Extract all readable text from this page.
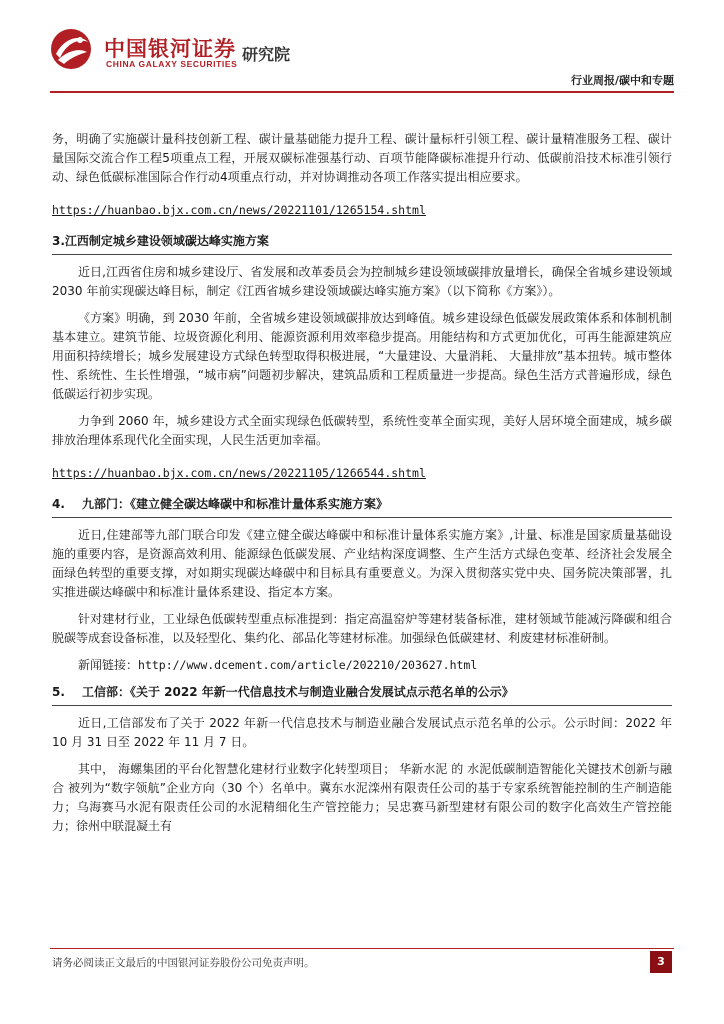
中国银河证券
CHINA GALAXY SECURITIES 研究院
行业周报/碳中和专题

务，明确了实施碳计量科技创新工程、碳计量基础能力提升工程、碳计量标杆引领工程、碳计量精准服务工程、碳计量国际交流合作工程5项重点工程，开展双碳标准强基行动、百项节能降碳标准提升行动、低碳前沿技术标准引领行动、绿色低碳标准国际合作行动4项重点行动，并对协调推动各项工作落实提出相应要求。

https://huanbao.bjx.com.cn/news/20221101/1265154.shtml
3.江西制定城乡建设领域碳达峰实施方案

近日,江西省住房和城乡建设厅、省发展和改革委员会为控制城乡建设领域碳排放量增长，确保全省城乡建设领域 2030 年前实现碳达峰目标，制定《江西省城乡建设领域碳达峰实施方案》（以下简称《方案》）。

《方案》明确，到 2030 年前，全省城乡建设领域碳排放达到峰值。城乡建设绿色低碳发展政策体系和体制机制基本建立。建筑节能、垃圾资源化利用、能源资源利用效率稳步提高。用能结构和方式更加优化，可再生能源建筑应用面积持续增长；城乡发展建设方式绿色转型取得积极进展，“大量建设、大量消耗、 大量排放”基本扭转。城市整体性、系统性、生长性增强，“城市病”问题初步解决，建筑品质和工程质量进一步提高。绿色生活方式普遍形成，绿色低碳运行初步实现。

力争到 2060 年，城乡建设方式全面实现绿色低碳转型，系统性变革全面实现，美好人居环境全面建成，城乡碳排放治理体系现代化全面实现，人民生活更加幸福。

https://huanbao.bjx.com.cn/news/20221105/1266544.shtml
4. 九部门：《建立健全碳达峰碳中和标准计量体系实施方案》

近日,住建部等九部门联合印发《建立健全碳达峰碳中和标准计量体系实施方案》,计量、标准是国家质量基础设施的重要内容，是资源高效利用、能源绿色低碳发展、产业结构深度调整、生产生活方式绿色变革、经济社会发展全面绿色转型的重要支撑，对如期实现碳达峰碳中和目标具有重要意义。为深入贯彻落实党中央、国务院决策部署，扎实推进碳达峰碳中和标准计量体系建设、指定本方案。

针对建材行业，工业绿色低碳转型重点标准提到：指定高温窑炉等建材装备标准，建材领域节能减污降碳和组合脱碳等成套设备标准，以及轻型化、集约化、部品化等建材标准。加强绿色低碳建材、利废建材标准研制。

新闻链接：http://www.dcement.com/article/202210/203627.html

5. 工信部：《关于 2022 年新一代信息技术与制造业融合发展试点示范名单的公示》

近日,工信部发布了关于 2022 年新一代信息技术与制造业融合发展试点示范名单的公示。公示时间：2022 年 10 月 31 日至 2022 年 11 月 7 日。

其中， 海螺集团的平台化智慧化建材行业数字化转型项目； 华新水泥 的 水泥低碳制造智能化关键技术创新与融合 被列为“数字领航”企业方向（30 个）名单中。冀东水泥滦州有限责任公司的基于专家系统智能控制的生产制造能力；乌海赛马水泥有限责任公司的水泥精细化生产管控能力；吴忠赛马新型建材有限公司的数字化高效生产管控能力；徐州中联混凝土有

请务必阅读正文最后的中国银河证券股份公司免责声明。	3
